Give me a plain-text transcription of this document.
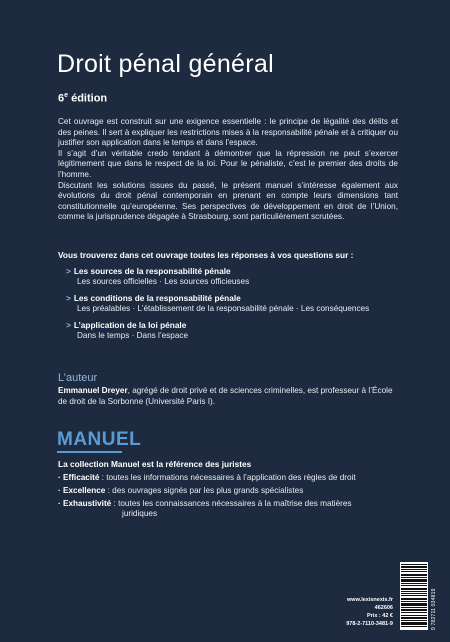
Droit pénal général
6e édition

Cet ouvrage est construit sur une exigence essentielle : le principe de légalité des délits et des peines. Il sert à expliquer les restrictions mises à la responsabilité pénale et à critiquer ou justifier son application dans le temps et dans l’espace.

Il s’agit d’un véritable credo tendant à démontrer que la répression ne peut s’exercer légitimement que dans le respect de la loi. Pour le pénaliste, c’est le premier des droits de l’homme.

Discutant les solutions issues du passé, le présent manuel s’intéresse également aux évolutions du droit pénal contemporain en prenant en compte leurs dimensions tant constitutionnelle qu’européenne. Ses perspectives de développement en droit de l’Union, comme la jurisprudence dégagée à Strasbourg, sont particulièrement scrutées.

Vous trouverez dans cet ouvrage toutes les réponses à vos questions sur :
> Les sources de la responsabilité pénale
Les sources officielles · Les sources officieuses
> Les conditions de la responsabilité pénale
Les préalables · L’établissement de la responsabilité pénale · Les conséquences
> L’application de la loi pénale
Dans le temps · Dans l’espace
L’auteur
Emmanuel Dreyer, agrégé de droit privé et de sciences criminelles, est professeur à l’École de droit de la Sorbonne (Université Paris I).
MANUEL
La collection Manuel est la référence des juristes
· Efficacité : toutes les informations nécessaires à l’application des règles de droit
· Excellence : des ouvrages signés par les plus grands spécialistes
· Exhaustivité : toutes les connaissances nécessaires à la maîtrise des matières
juridiques
www.lexisnexis.fr
462606
Prix : 42 €
978-2-7110-3481-9	9 782711 034819
